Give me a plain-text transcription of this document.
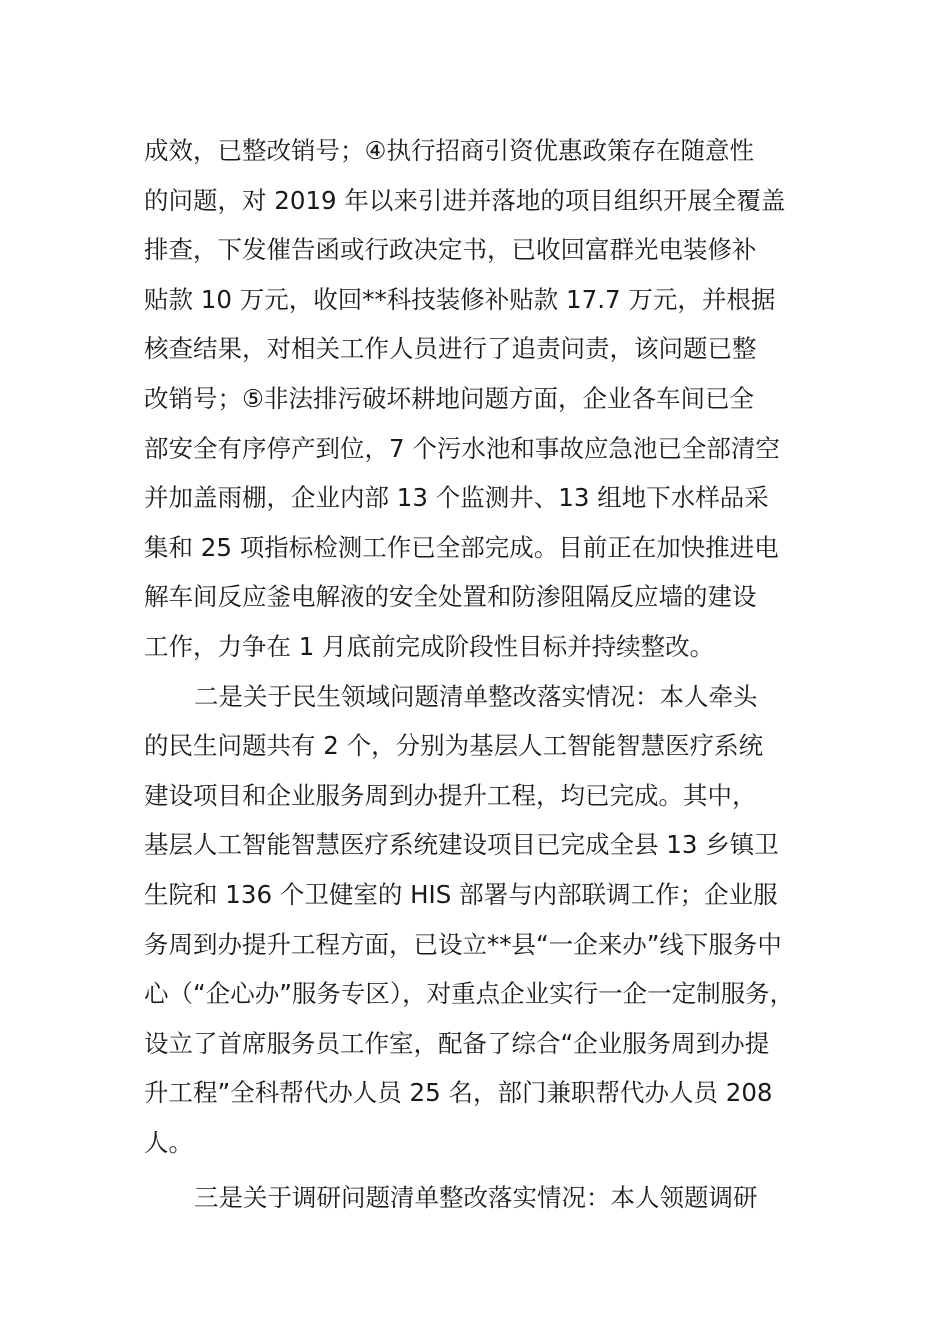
成效，已整改销号；④执行招商引资优惠政策存在随意性
的问题，对 2019 年以来引进并落地的项目组织开展全覆盖
排查，下发催告函或行政决定书，已收回富群光电装修补
贴款 10 万元，收回**科技装修补贴款 17.7 万元，并根据
核查结果，对相关工作人员进行了追责问责，该问题已整
改销号；⑤非法排污破坏耕地问题方面，企业各车间已全
部安全有序停产到位，7 个污水池和事故应急池已全部清空
并加盖雨棚，企业内部 13 个监测井、13 组地下水样品采
集和 25 项指标检测工作已全部完成。目前正在加快推进电
解车间反应釜电解液的安全处置和防渗阻隔反应墙的建设
工作，力争在 1 月底前完成阶段性目标并持续整改。
二是关于民生领域问题清单整改落实情况：本人牵头
的民生问题共有 2 个，分别为基层人工智能智慧医疗系统
建设项目和企业服务周到办提升工程，均已完成。其中，
基层人工智能智慧医疗系统建设项目已完成全县 13 乡镇卫
生院和 136 个卫健室的 HIS 部署与内部联调工作；企业服
务周到办提升工程方面，已设立**县“一企来办”线下服务中
心（“企心办”服务专区），对重点企业实行一企一定制服务，
设立了首席服务员工作室，配备了综合“企业服务周到办提
升工程”全科帮代办人员 25 名，部门兼职帮代办人员 208
人。
三是关于调研问题清单整改落实情况：本人领题调研
